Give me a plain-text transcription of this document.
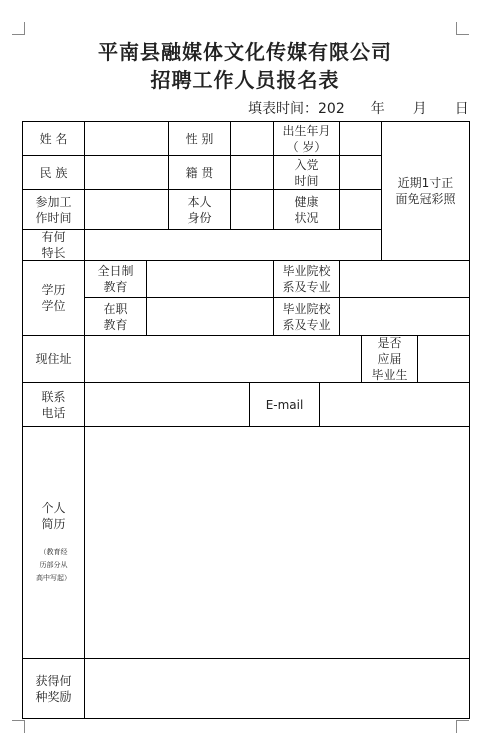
平南县融媒体文化传媒有限公司
招聘工作人员报名表
填表时间：202 年 月 日
姓 名	性 别
出生年月
（ 岁）
近期1寸正
面免冠彩照
民 族	籍 贯
入党
时间
参加工
作时间
本人
身份
健康
状况
有何
特长
学历
学位
全日制
教育
毕业院校
系及专业
在职
教育
毕业院校
系及专业
现住址
是否
应届
毕业生
联系
电话
E-mail
个人
简历
（教育经
历部分从
高中写起）
获得何
种奖励
